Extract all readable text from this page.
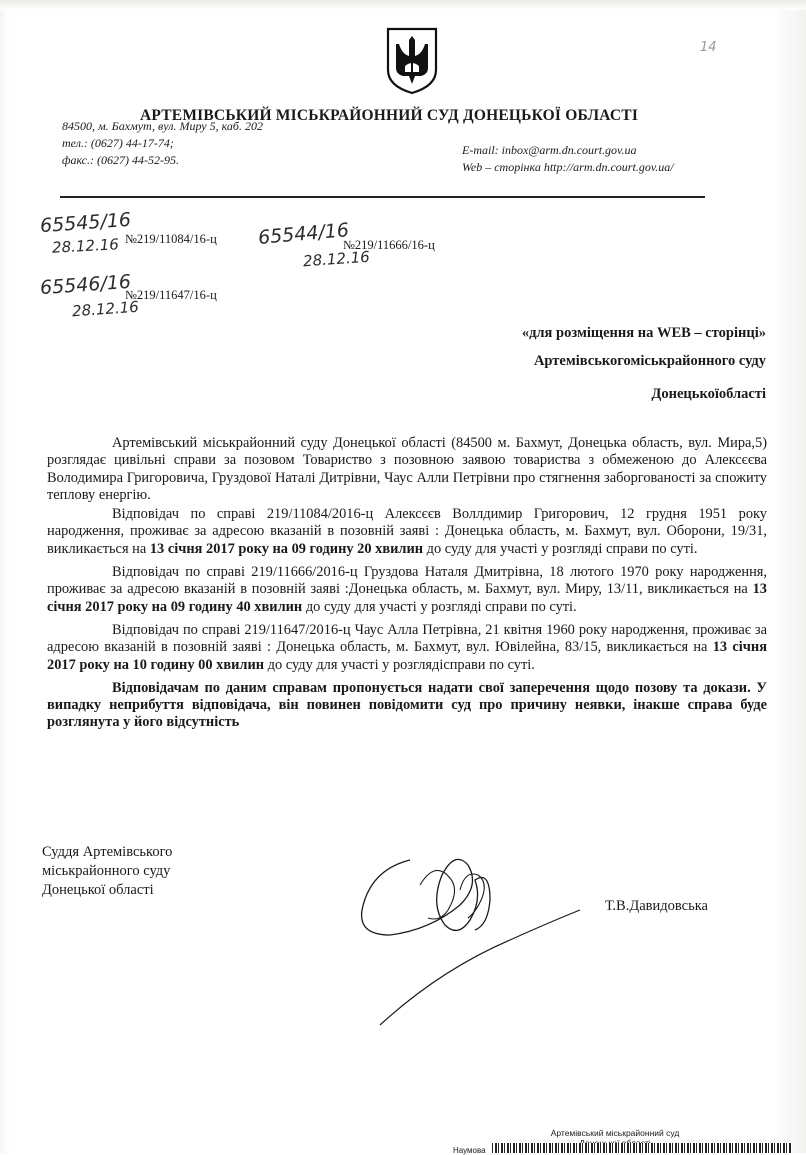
АРТЕМІВСЬКИЙ МІСЬКРАЙОННИЙ СУД ДОНЕЦЬКОЇ ОБЛАСТІ
84500, м. Бахмут, вул. Миру 5, каб. 202
тел.: (0627) 44-17-74;
факс.: (0627) 44-52-95.
E-mail: inbox@arm.dn.court.gov.ua
Web – сторінка http://arm.dn.court.gov.ua/
14
65545/16
28.12.16 №219/11084/16-ц 65544/16
28.12.16
№219/11666/16-ц
65546/16
28.12.16
№219/11647/16-ц
«для розміщення на WEB – сторінці»
Артемівськогоміськрайонного суду
Донецькоїобласті

Артемівський міськрайонний суду Донецької області (84500 м. Бахмут, Донецька область, вул. Мира,5) розглядає цивільні справи за позовом Товариство з позовною заявою товариства з обмеженою до Алексєєва Володимира Григоровича, Груздової Наталі Дитрівни, Чаус Алли Петрівни про стягнення заборгованості за спожиту теплову енергію.

Відповідач по справі 219/11084/2016-ц Алексєєв Воллдимир Григорович, 12 грудня 1951 року народження, проживає за адресою вказаній в позовній заяві : Донецька область, м. Бахмут, вул. Оборони, 19/31, викликається на 13 січня 2017 року на 09 годину 20 хвилин до суду для участі у розгляді справи по суті.

Відповідач по справі 219/11666/2016-ц Груздова Наталя Дмитрівна, 18 лютого 1970 року народження, проживає за адресою вказаній в позовній заяві :Донецька область, м. Бахмут, вул. Миру, 13/11, викликається на 13 січня 2017 року на 09 годину 40 хвилин до суду для участі у розгляді справи по суті.

Відповідач по справі 219/11647/2016-ц Чаус Алла Петрівна, 21 квітня 1960 року народження, проживає за адресою вказаній в позовній заяві : Донецька область, м. Бахмут, вул. Ювілейна, 83/15, викликається на 13 січня 2017 року на 10 годину 00 хвилин до суду для участі у розглядісправи по суті.

Відповідачам по даним справам пропонується надати свої заперечення щодо позову та докази. У випадку неприбуття відповідача, він повинен повідомити суд про причину неявки, інакше справа буде розглянута у його відсутність

Суддя Артемівського
міськрайонного суду
Донецької області
Т.В.Давидовська
Артемівський міськрайонний суд
Наумова
